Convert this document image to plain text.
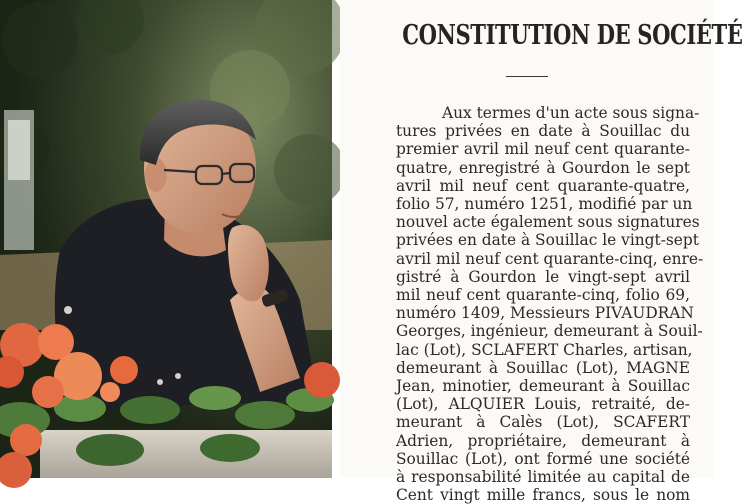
CONSTITUTION DE SOCIÉTÉ
Aux termes d'un acte sous signa-
tures privées en date à Souillac du
premier avril mil neuf cent quarante-
quatre, enregistré à Gourdon le sept
avril mil neuf cent quarante-quatre,
folio 57, numéro 1251, modifié par un
nouvel acte également sous signatures
privées en date à Souillac le vingt-sept
avril mil neuf cent quarante-cinq, enre-
gistré à Gourdon le vingt-sept avril
mil neuf cent quarante-cinq, folio 69,
numéro 1409, Messieurs PIVAUDRAN
Georges, ingénieur, demeurant à Souil-
lac (Lot), SCLAFERT Charles, artisan,
demeurant à Souillac (Lot), MAGNE
Jean, minotier, demeurant à Souillac
(Lot), ALQUIER Louis, retraité, de-
meurant à Calès (Lot), SCAFERT
Adrien, propriétaire, demeurant à
Souillac (Lot), ont formé une société
à responsabilité limitée au capital de
Cent vingt mille francs, sous le nom
